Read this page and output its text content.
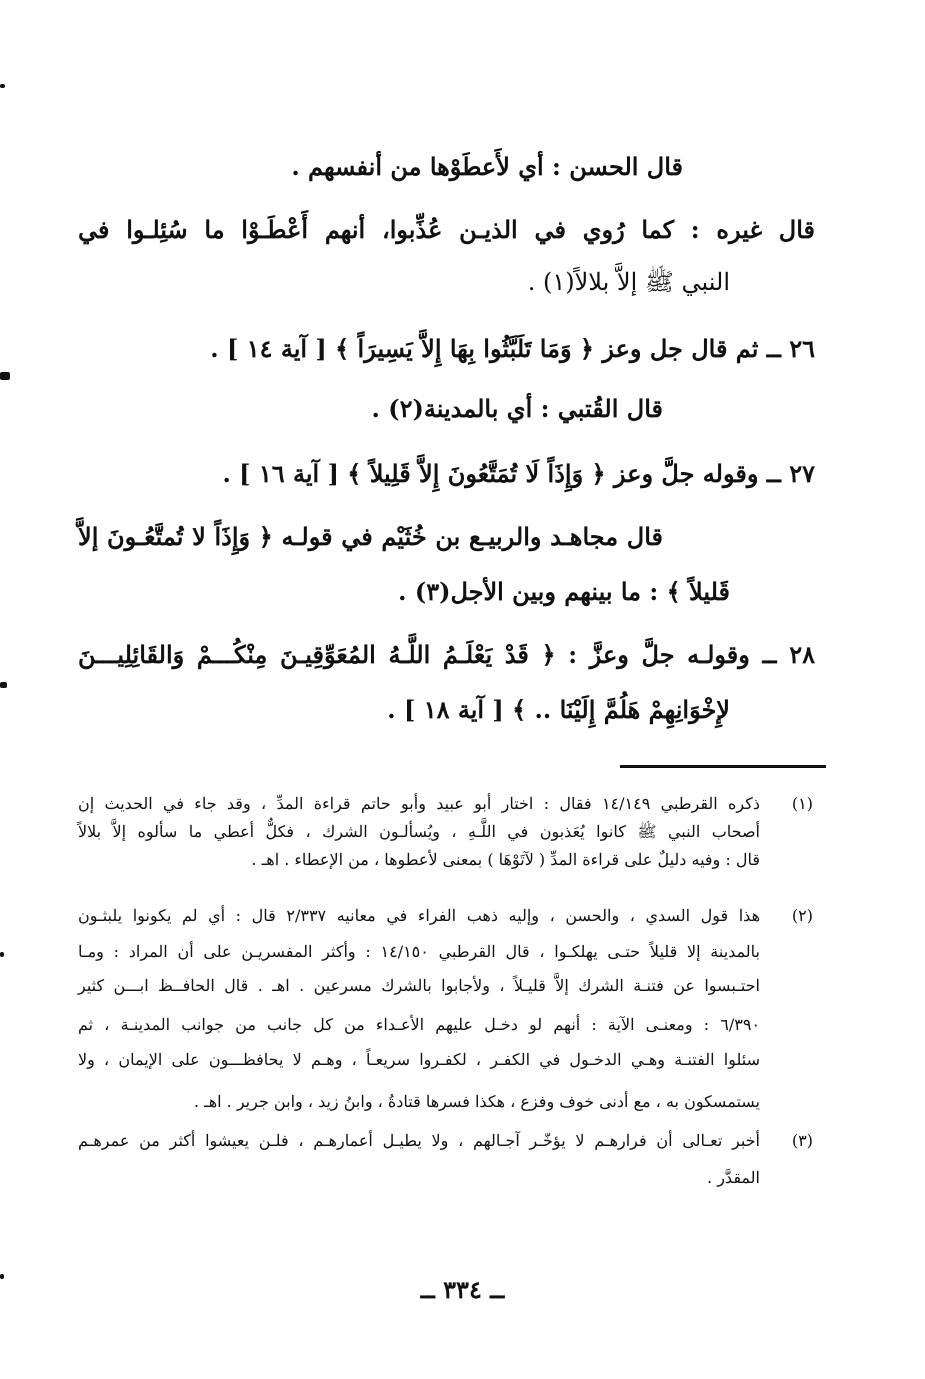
قال الحسن : أي لأَعطَوْها من أنفسهم .
قال غيره : كما رُوي في الذيـن عُذِّبوا، أنهم أَعْطَـوْا ما سُئِلـوا في
النبي ﷺ إلاَّ بلالاً(١) .
٢٦ ــ ثم قال جل وعز ﴿ وَمَا تَلَبَّثُوا بِهَا إِلاَّ يَسِيرَاً ﴾ [ آية ١٤ ] .
قال القُتبي : أي بالمدينة(٢) .
٢٧ ــ وقوله جلَّ وعز ﴿ وَإِذَاً لَا تُمَتَّعُونَ إِلاَّ قَلِيلاً ﴾ [ آية ١٦ ] .
قال مجاهـد والربيـع بن خُثَيْم في قولـه ﴿ وَإِذَاً لا تُمتَّعُـونَ إلاَّ
قَليلاً ﴾ : ما بينهم وبين الأجل(٣) .
٢٨ ــ وقولـه جلَّ وعزَّ : ﴿ قَدْ يَعْلَـمُ اللَّـهُ المُعَوِّقِيـنَ مِنْكُـــمْ وَالقَائِلِيـــنَ
لإِخْوَانِهِمْ هَلُمَّ إِلَيْنَا .. ﴾ [ آية ١٨ ] .
(١)
ذكره القرطبي ١٤/١٤٩ فقال : اختار أبو عبيد وأبو حاتم قراءة المدِّ ، وقد جاء في الحديث إن
أصحاب النبي ﷺ كانوا يُعَذبون في اللَّـهِ ، ويُسألـون الشرك ، فكلٌّ أعطي ما سألوه إلاَّ بلالاً
قال : وفيه دليلٌ على قراءة المدِّ ( لآتَوْهَا ) بمعنى لأعطوها ، من الإعطاء . اهـ .
(٢)
هذا قول السدي ، والحسن ، وإليه ذهب الفراء في معانيه ٢/٣٣٧ قال : أي لم يكونوا يلبثـون
بالمدينة إلا قليلاً حتـى يهلكـوا ، قال القرطبي ١٤/١٥٠ : وأكثر المفسريـن على أن المراد : ومـا
احتـبسوا عن فتنـة الشرك إلاَّ قليـلاً ، ولأجابوا بالشرك مسرعين . اهـ . قال الحافــظ ابـــن كثير
٦/٣٩٠ : ومعنـى الآية : أنهم لو دخـل عليهم الأعـداء من كل جانب من جوانب المدينـة ، ثم
سئلوا الفتنـة وهـي الدخـول في الكفـر ، لكفـروا سريعـاً ، وهـم لا يحافظـــون على الإيمان ، ولا
يستمسكون به ، مع أدنى خوف وفزع ، هكذا فسرها قتادةُ ، وابنُ زيد ، وابن جرير . اهـ .
(٣)
أخبر تعـالى أن فرارهـم لا يؤخّـر آجـالهم ، ولا يطيـل أعمارهـم ، فلـن يعيشوا أكثر من عمرهـم
المقدَّر .
ــ ٣٣٤ ــ
